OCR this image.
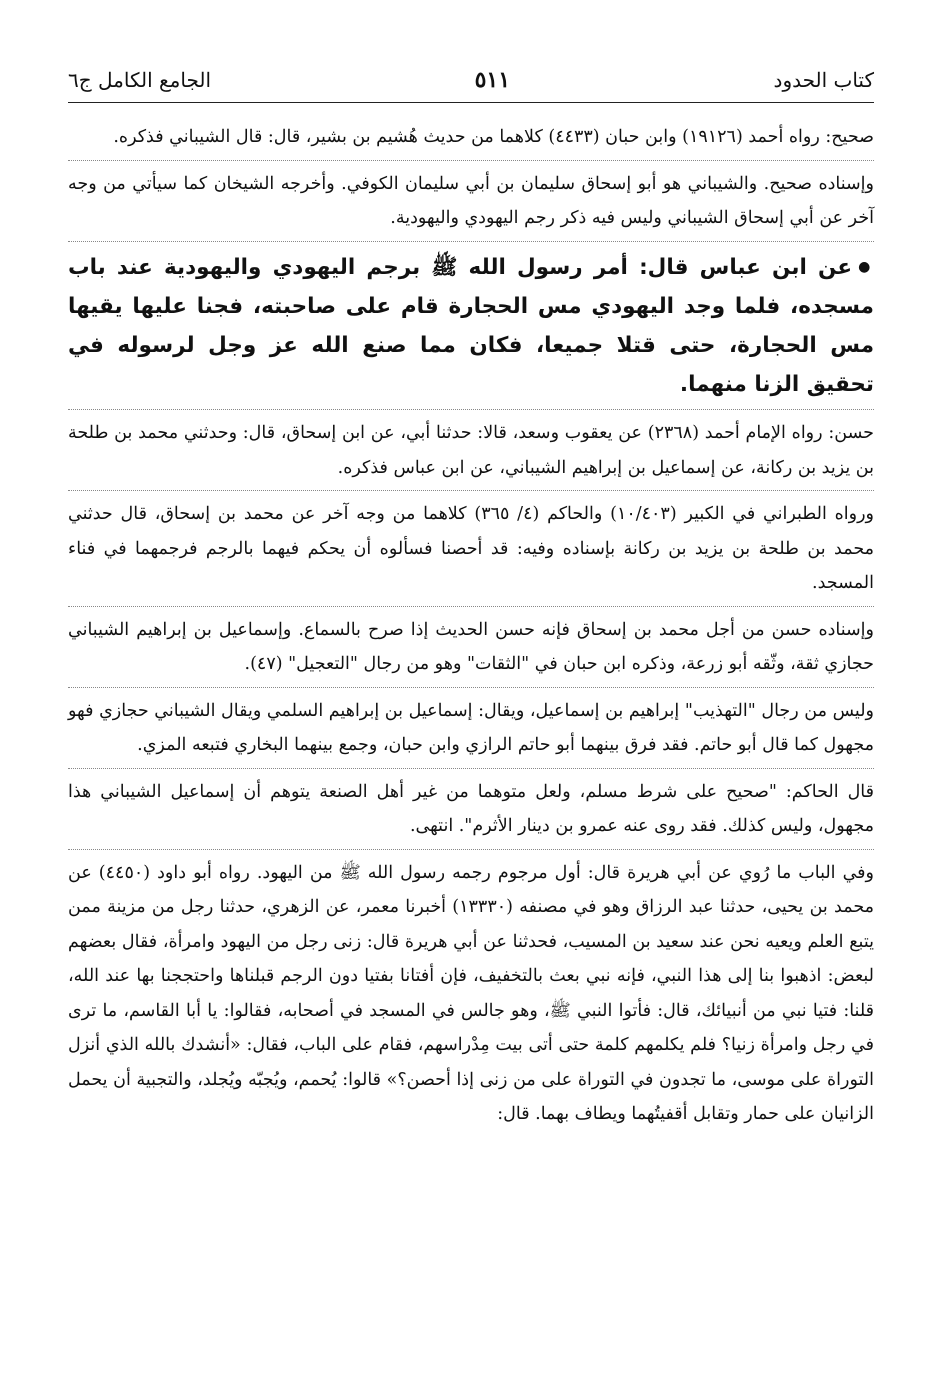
كتاب الحدود
٥١١
الجامع الكامل ج٦

صحيح: رواه أحمد (١٩١٢٦) وابن حبان (٤٤٣٣) كلاهما من حديث هُشيم بن بشير، قال: قال الشيباني فذكره.

وإسناده صحيح. والشيباني هو أبو إسحاق سليمان بن أبي سليمان الكوفي. وأخرجه الشيخان كما سيأتي من وجه آخر عن أبي إسحاق الشيباني وليس فيه ذكر رجم اليهودي واليهودية.

●عن ابن عباس قال: أمر رسول الله ﷺ برجم اليهودي واليهودية عند باب مسجده، فلما وجد اليهودي مس الحجارة قام على صاحبته، فجنا عليها يقيها مس الحجارة، حتى قتلا جميعا، فكان مما صنع الله عز وجل لرسوله في تحقيق الزنا منهما.

حسن: رواه الإمام أحمد (٢٣٦٨) عن يعقوب وسعد، قالا: حدثنا أبي، عن ابن إسحاق، قال: وحدثني محمد بن طلحة بن يزيد بن ركانة، عن إسماعيل بن إبراهيم الشيباني، عن ابن عباس فذكره.

ورواه الطبراني في الكبير (١٠/٤٠٣) والحاكم (٤/ ٣٦٥) كلاهما من وجه آخر عن محمد بن إسحاق، قال حدثني محمد بن طلحة بن يزيد بن ركانة بإسناده وفيه: قد أحصنا فسألوه أن يحكم فيهما بالرجم فرجمهما في فناء المسجد.

وإسناده حسن من أجل محمد بن إسحاق فإنه حسن الحديث إذا صرح بالسماع. وإسماعيل بن إبراهيم الشيباني حجازي ثقة، وثّقه أبو زرعة، وذكره ابن حبان في "الثقات" وهو من رجال "التعجيل" (٤٧).

وليس من رجال "التهذيب" إبراهيم بن إسماعيل، ويقال: إسماعيل بن إبراهيم السلمي ويقال الشيباني حجازي فهو مجهول كما قال أبو حاتم. فقد فرق بينهما أبو حاتم الرازي وابن حبان، وجمع بينهما البخاري فتبعه المزي.

قال الحاكم: "صحيح على شرط مسلم، ولعل متوهما من غير أهل الصنعة يتوهم أن إسماعيل الشيباني هذا مجهول، وليس كذلك. فقد روى عنه عمرو بن دينار الأثرم". انتهى.

وفي الباب ما رُوي عن أبي هريرة قال: أول مرجوم رجمه رسول الله ﷺ من اليهود. رواه أبو داود (٤٤٥٠) عن محمد بن يحيى، حدثنا عبد الرزاق وهو في مصنفه (١٣٣٣٠) أخبرنا معمر، عن الزهري، حدثنا رجل من مزينة ممن يتبع العلم ويعيه نحن عند سعيد بن المسيب، فحدثنا عن أبي هريرة قال: زنى رجل من اليهود وامرأة، فقال بعضهم لبعض: اذهبوا بنا إلى هذا النبي، فإنه نبي بعث بالتخفيف، فإن أفتانا بفتيا دون الرجم قبلناها واحتججنا بها عند الله، قلنا: فتيا نبي من أنبيائك، قال: فأتوا النبي ﷺ، وهو جالس في المسجد في أصحابه، فقالوا: يا أبا القاسم، ما ترى في رجل وامرأة زنيا؟ فلم يكلمهم كلمة حتى أتى بيت مِدْراسهم، فقام على الباب، فقال: «أنشدك بالله الذي أنزل التوراة على موسى، ما تجدون في التوراة على من زنى إذا أحصن؟» قالوا: يُحمم، ويُجبّه ويُجلد، والتجبية أن يحمل الزانيان على حمار وتقابل أقفيتُهما ويطاف بهما. قال:
